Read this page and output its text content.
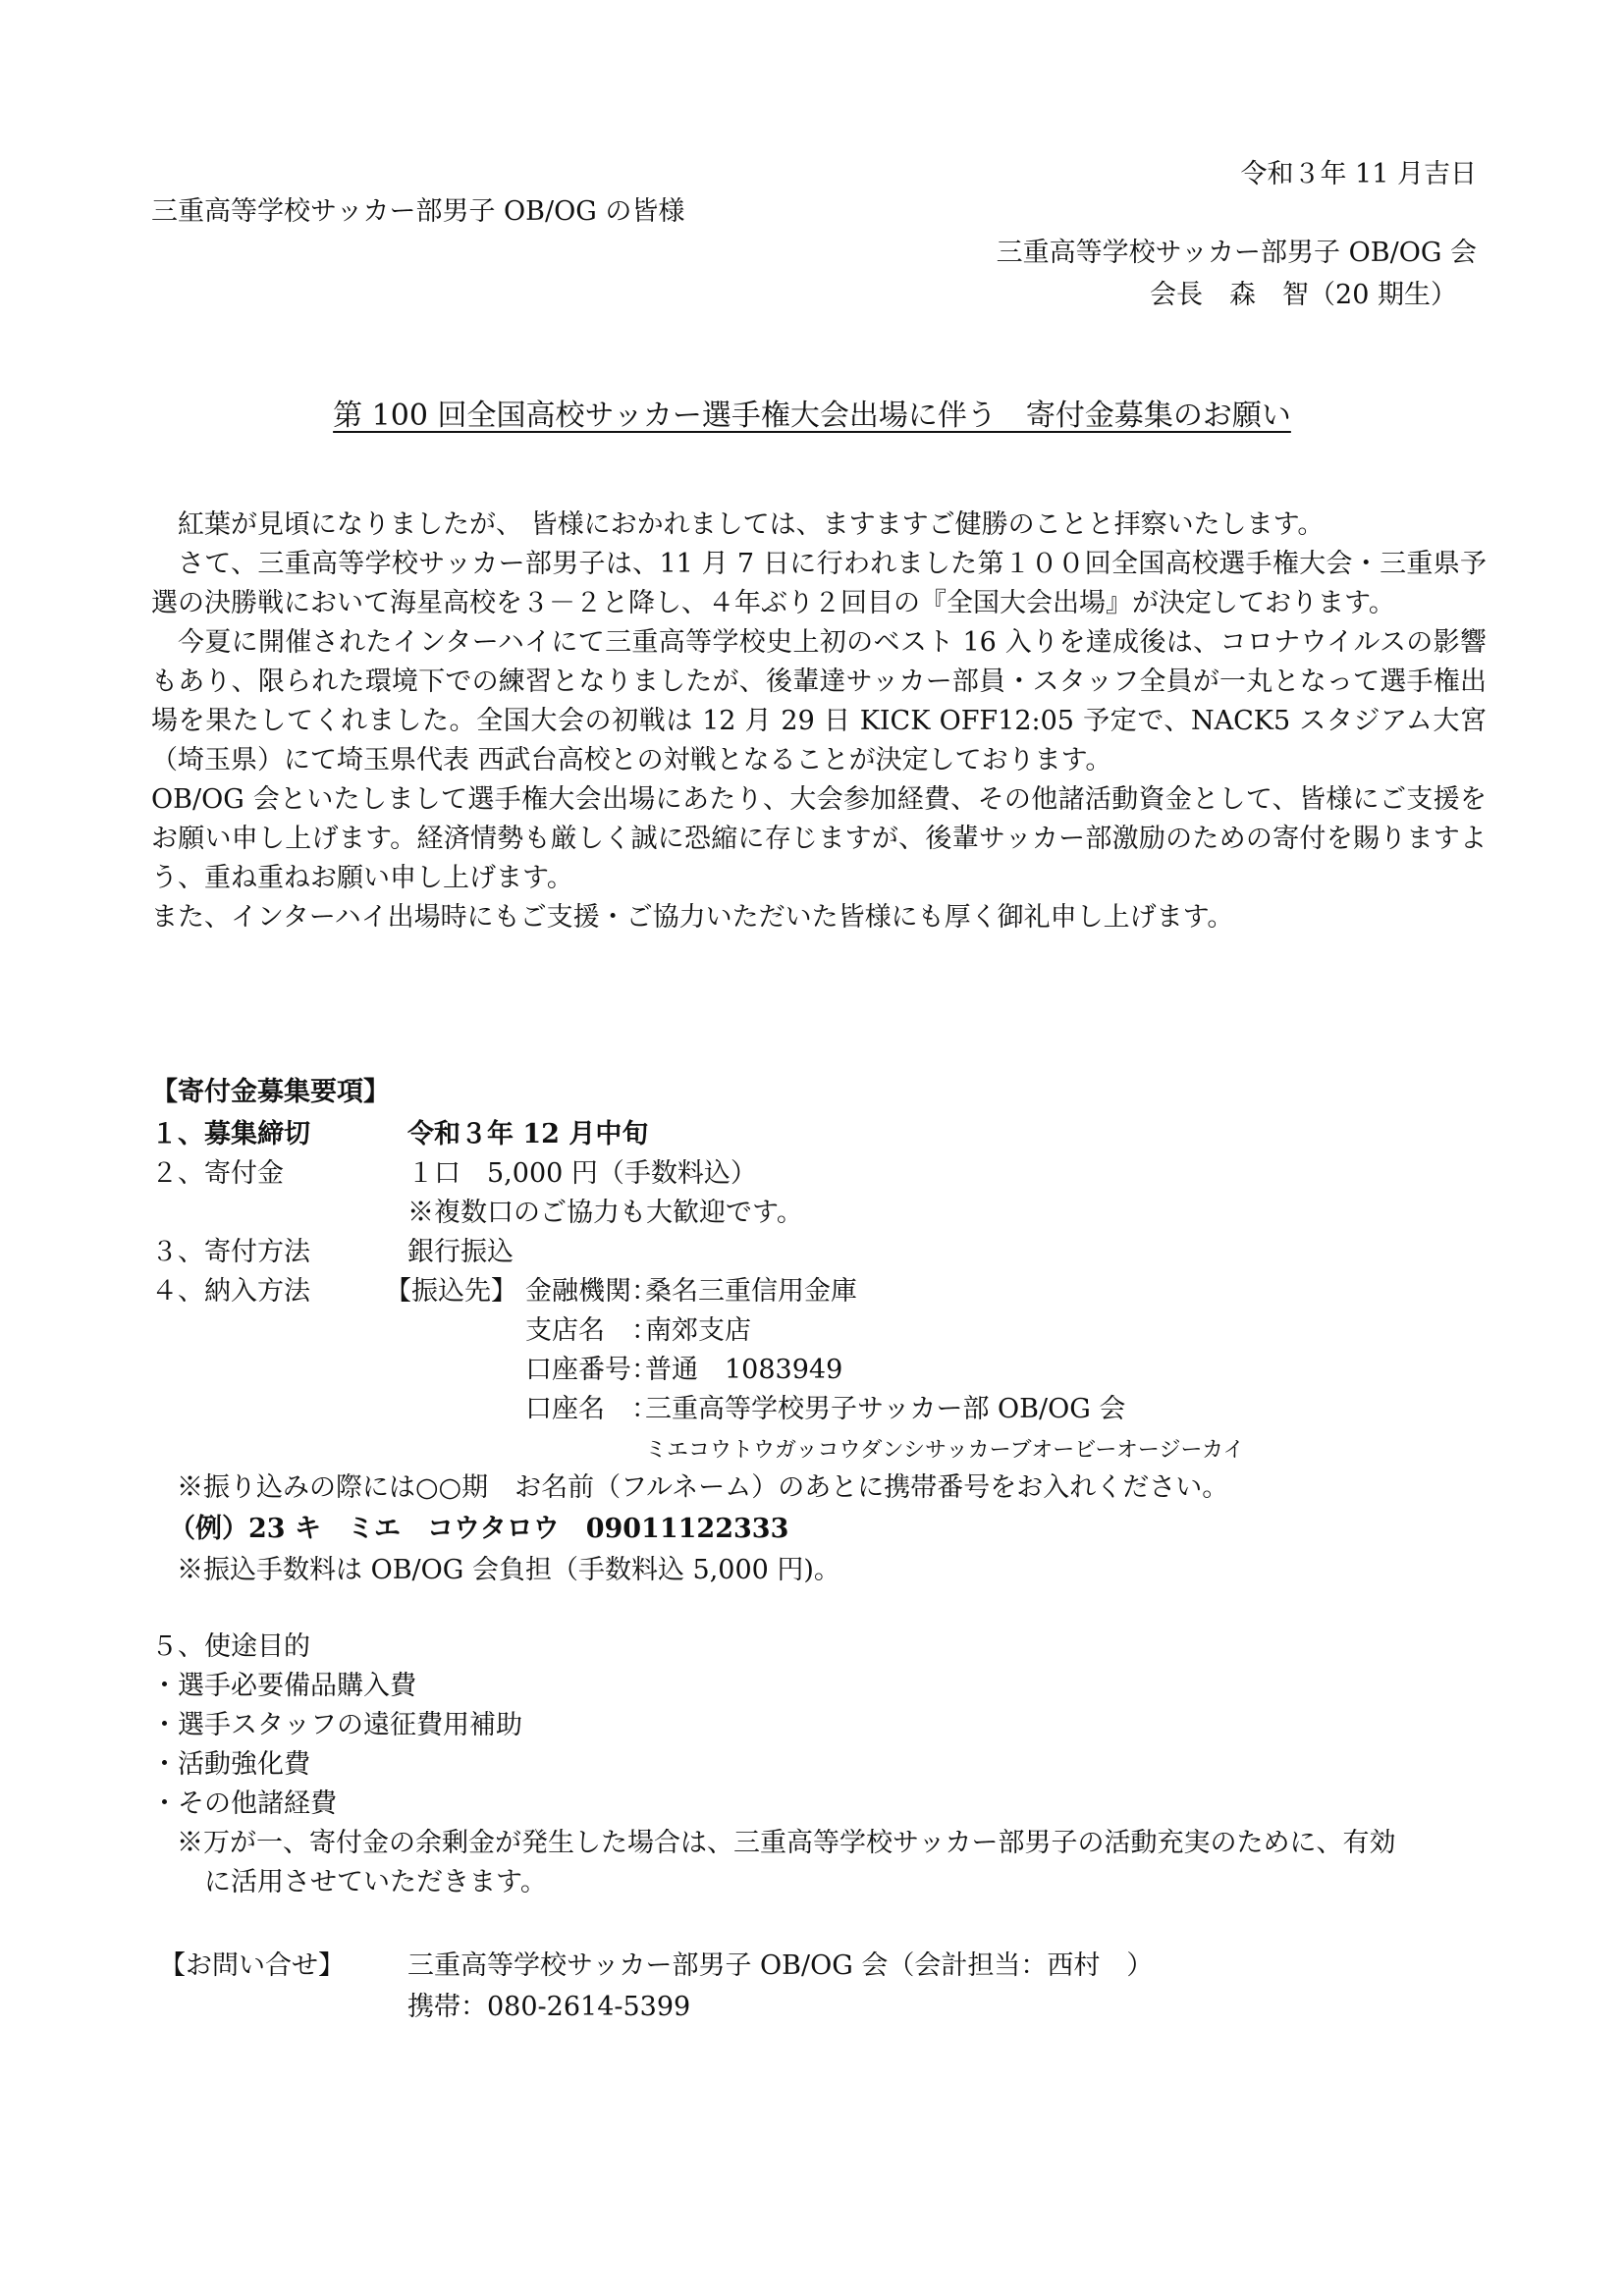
令和３年 11 月吉日
三重高等学校サッカー部男子 OB/OG の皆様
三重高等学校サッカー部男子 OB/OG 会
会長　森　智（20 期生）
第 100 回全国高校サッカー選手権大会出場に伴う　寄付金募集のお願い

紅葉が見頃になりましたが、 皆様におかれましては、ますますご健勝のことと拝察いたします。

さて、三重高等学校サッカー部男子は、11 月 7 日に行われました第１００回全国高校選手権大会・三重県予選の決勝戦において海星高校を３－２と降し、４年ぶり２回目の『全国大会出場』が決定しております。

今夏に開催されたインターハイにて三重高等学校史上初のベスト 16 入りを達成後は、コロナウイルスの影響もあり、限られた環境下での練習となりましたが、後輩達サッカー部員・スタッフ全員が一丸となって選手権出場を果たしてくれました。全国大会の初戦は 12 月 29 日 KICK OFF12:05 予定で、NACK5 スタジアム大宮（埼玉県）にて埼玉県代表 西武台高校との対戦となることが決定しております。

OB/OG 会といたしまして選手権大会出場にあたり、大会参加経費、その他諸活動資金として、皆様にご支援をお願い申し上げます。経済情勢も厳しく誠に恐縮に存じますが、後輩サッカー部激励のための寄付を賜りますよう、重ね重ねお願い申し上げます。

また、インターハイ出場時にもご支援・ご協力いただいた皆様にも厚く御礼申し上げます。

【寄付金募集要項】
１、募集締切	令和３年 12 月中旬
２、寄付金	１口　5,000 円（手数料込）
※複数口のご協力も大歓迎です。
３、寄付方法	銀行振込
４、納入方法	【振込先】 金融機関：
桑名三重信用金庫
支店名　：
南郊支店
口座番号：
普通　1083949
口座名　：
三重高等学校男子サッカー部 OB/OG 会
ミエコウトウガッコウダンシサッカーブオービーオージーカイ
※振り込みの際には○○期　お名前（フルネーム）のあとに携帯番号をお入れください。
（例）23 キ　ミエ　コウタロウ　09011122333
※振込手数料は OB/OG 会負担（手数料込 5,000 円)。
５、使途目的
・選手必要備品購入費
・選手スタッフの遠征費用補助
・活動強化費
・その他諸経費
※万が一、寄付金の余剰金が発生した場合は、三重高等学校サッカー部男子の活動充実のために、有効
に活用させていただきます。
【お問い合せ】 三重高等学校サッカー部男子 OB/OG 会（会計担当：西村　）
携帯：080-2614-5399
